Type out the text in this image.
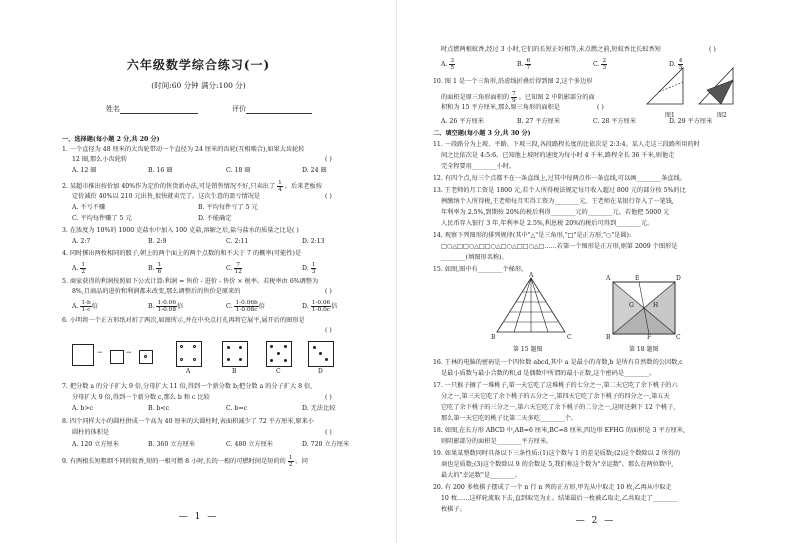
六年级数学综合练习(一)
(时间:60 分钟 满分:100 分)
姓名	评价
一、选择题(每小题 2 分,共 20 分)
1. 一个直径为 48 厘米的大齿轮带动一个直径为 24 厘米的齿轮(互相啮合),如果大齿轮转
12 圈,那么小齿轮转	( )
A. 12 圈	B. 16 圈	C. 18 圈	D. 24 圈
2. 某超市推出按价加 40%作为定价的售货新办法,可是销售情况不好,只卖出了 $\frac{1}{4}$ 。后来老板按
定价减价 40%以 210 元出售,很快就卖完了。这次生意的盈亏情况是	( )
A. 不亏不赚	B. 平均每件亏了 5 元
C. 平均每件赚了 5 元	D. 不能确定
3. 在浓度为 10%的 1000 克盐水中加入 100 克盐,溶解之后,盐与盐水的质量之比是( )
A. 2:7	B. 2:9	C. 2:11	D. 2:13
4. 同时掷出两枚相同的骰子,朝上的两个面上的两个点数的和不大于 7 的概率(可能性)是
A. $\frac{1}{2}$	B. $\frac{1}{6}$	C. $\frac{7}{12}$	D. $\frac{1}{3}$
5. 商家获得的利润按照如下公式计算:利润 = 售价 - 进价 - 售价 × 税率。若税率由 6%调整为
8%,且商品的进价和利润都未改变,那么调整后的售价是原来的	( )
A. $\frac{1-b}{1-c}$ 倍	B. $\frac{1-0.06}{1-0.08}$ 倍	C. $\frac{1-0.06b}{1-0.08c}$ 倍	D. $\frac{1-0.06}{1-0.0c}$ 倍
6. 小明将一个正方形纸对折了两次,如图所示,并在中央点打孔再将它展平,展开后的图形是
( )
→	→
A	B	C	D
7. 把分数 a 的分子扩大 9 倍,分母扩大 11 倍,得到一个新分数 b;把分数 a 的分子扩大 8 倍,
分母扩大 9 倍,得到一个新分数 c,那么 b 和 c 比较	( )
A. b>c	B. b<c	C. b=c	D. 无法比较
8. 四个同样大小的圆柱拼成一个高为 40 厘米的大圆柱时,表面积减少了 72 平方厘米,原来小
圆柱的体积是	( )
A. 120 立方厘米	B. 360 立方厘米	C. 480 立方厘米	D. 720 立方厘米
9. 有两根长短粗细不同的蚊香,短的一根可燃 8 小时,长的一根的可燃时间是短的的 $\frac{1}{2}$ 。同
— 1 —
时点燃两根蚊香,经过 3 小时,它们的长短正好相等,未点燃之前,短蚊香比长蚊香短	( )
A. $\frac{3}{5}$	B. $\frac{6}{7}$	C. $\frac{2}{3}$	D. $\frac{4}{5}$
10. 图 1 是一个三角形,沿虚线折叠后得到图 2,这个多边形
的面积是原三角形面积的 $\frac{7}{9}$ 。已知图 2 中阴影部分的面
积和为 15 平方厘米,那么原三角形的面积是	( )
图1	图2
A. 26 平方厘米	B. 27 平方厘米	C. 28 平方厘米	D. 29 平方厘米
二、填空题(每小题 3 分,共 30 分)
11. 一段路分为上坡、平路、下坡三段,各段路程长度的比依次是 2:3:4。某人走这三段路所用的时
间之比依次是 4:5:6。已知他上坡时的速度为每小时 4 千米,路程全长 36 千米,则他走
完全程要用________小时。
12. 有四个点,每三个点都不在一条直线上,过其中每两点作一条直线,可以画________条直线。
13. 王老师的月工资是 1800 元,若个人所得税法规定每月收入超过 800 元的部分按 5%的比
例缴纳个人所得税,王老师每月实得工资为________元。王老师在某银行存入了一笔钱,
年利率为 2.5%,到期按 20%的税后利得________元的________元。若他把 5000 元
人民币存入银行 3 年,年利率是 2.5%,利息税 20%的税后可得到________元。
14. 观察下列图形的排列规律(其中"△"是三角形,"□"是正方形,"○"是圆):
□○△□□○△□□○△□○△□□○△□……若第一个图形是正方形,则第 2009 个图形是
________(填图形名称)。
15. 如图,图中有________个梯形。
A
B	C
第 15 题图
A	D
B	C
E
F
G	H
第 18 题图
16. 王林的电脑的密码是一个四位数 abcd,其中 a 是最小的奇数,b 是所有自然数的公因数,c
是最小质数与最小合数的和,d 是偶数中所谓的最小正数,这个密码是________。
17. 一只猴子摘了一堆桃子,第一天它吃了这堆桃子的七分之一,第二天它吃了余下桃子的六
分之一,第三天它吃了余下桃子的五分之一,第四天它吃了余下桃子的四分之一,第五天
它吃了余下桃子的三分之一,第六天它吃了余下桃子的二分之一,这时还剩下 12 个桃子,
那么第一天它吃的桃子比第二天多吃________个。
18. 如图,在长方形 ABCD 中,AB=6 厘米,BC=8 厘米,四边形 EFHG 的面积是 3 平方厘米,
则阴影部分的面积是________平方厘米。
19. 如果某整数同时具备以下三条性质:(1)这个数与 1 的差是质数;(2)这个数除以 2 所得的
商也是质数;(3)这个数除以 9 的余数是 5,我们称这个数为"幸运数"。那么在两位数中,
最大的"幸运数"是________。
20. 有 200 多枚棋子摆成了一个 n 行 n 列的正方形,甲先从中取走 10 枚,乙再从中取走
10 枚……这样轮流取下去,直到取完为止。结果最后一枚被乙取走,乙共取走了________
枚棋子。
— 2 —
